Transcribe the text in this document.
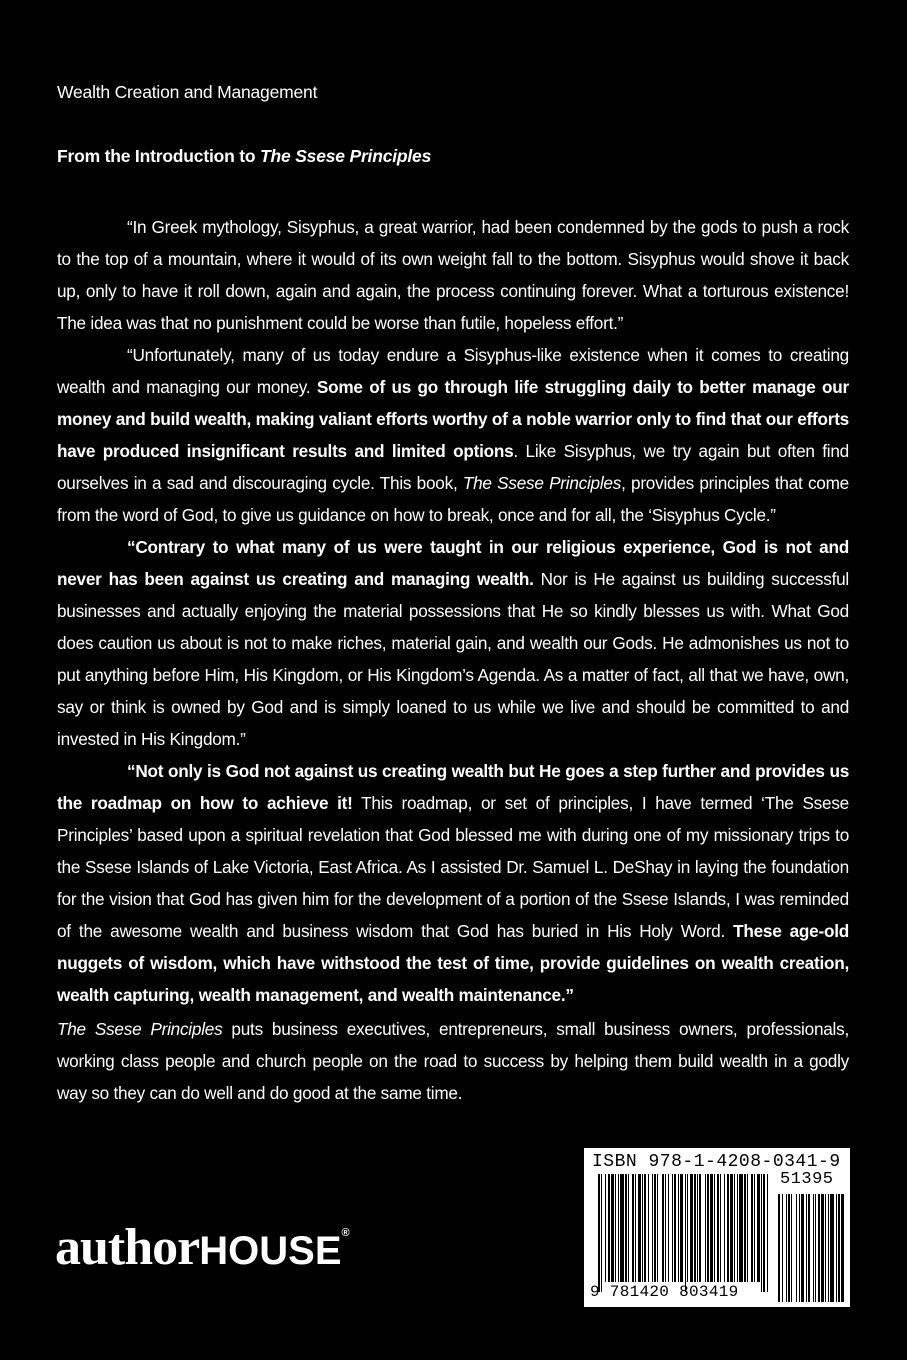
Wealth Creation and Management
From the Introduction to The Ssese Principles

“In Greek mythology, Sisyphus, a great warrior, had been condemned by the gods to push a rock to the top of a mountain, where it would of its own weight fall to the bottom. Sisyphus would shove it back up, only to have it roll down, again and again, the process continuing forever. What a torturous existence! The idea was that no punishment could be worse than futile, hopeless effort.”

“Unfortunately, many of us today endure a Sisyphus-like existence when it comes to creating wealth and managing our money. Some of us go through life struggling daily to better manage our money and build wealth, making valiant efforts worthy of a noble warrior only to find that our efforts have produced insignificant results and limited options. Like Sisyphus, we try again but often find ourselves in a sad and discouraging cycle. This book, The Ssese Principles, provides principles that come from the word of God, to give us guidance on how to break, once and for all, the ‘Sisyphus Cycle.”

“Contrary to what many of us were taught in our religious experience, God is not and never has been against us creating and managing wealth. Nor is He against us building successful businesses and actually enjoying the material possessions that He so kindly blesses us with. What God does caution us about is not to make riches, material gain, and wealth our Gods. He admonishes us not to put anything before Him, His Kingdom, or His Kingdom’s Agenda. As a matter of fact, all that we have, own, say or think is owned by God and is simply loaned to us while we live and should be committed to and invested in His Kingdom.”

“Not only is God not against us creating wealth but He goes a step further and provides us the roadmap on how to achieve it! This roadmap, or set of principles, I have termed ‘The Ssese Principles’ based upon a spiritual revelation that God blessed me with during one of my missionary trips to the Ssese Islands of Lake Victoria, East Africa. As I assisted Dr. Samuel L. DeShay in laying the foundation for the vision that God has given him for the development of a portion of the Ssese Islands, I was reminded of the awesome wealth and business wisdom that God has buried in His Holy Word. These age-old nuggets of wisdom, which have withstood the test of time, provide guidelines on wealth creation, wealth capturing, wealth management, and wealth maintenance.”

The Ssese Principles puts business executives, entrepreneurs, small business owners, professionals, working class people and church people on the road to success by helping them build wealth in a godly way so they can do well and do good at the same time.

authorHOUSE®
ISBN 978-1-4208-0341-9
51395
9 781420 803419
